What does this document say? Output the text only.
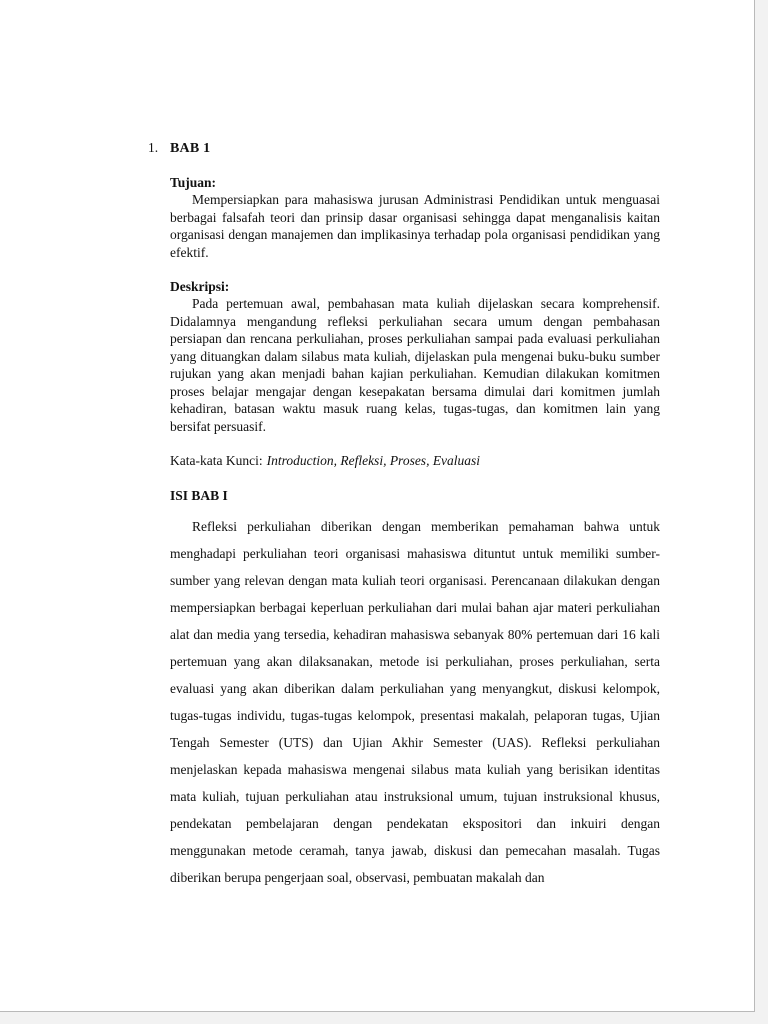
1. BAB 1
Tujuan:

Mempersiapkan para mahasiswa jurusan Administrasi Pendidikan untuk menguasai berbagai falsafah teori dan prinsip dasar organisasi sehingga dapat menganalisis kaitan organisasi dengan manajemen dan implikasinya terhadap pola organisasi pendidikan yang efektif.

Deskripsi:

Pada pertemuan awal, pembahasan mata kuliah dijelaskan secara komprehensif. Didalamnya mengandung refleksi perkuliahan secara umum dengan pembahasan persiapan dan rencana perkuliahan, proses perkuliahan sampai pada evaluasi perkuliahan yang dituangkan dalam silabus mata kuliah, dijelaskan pula mengenai buku-buku sumber rujukan yang akan menjadi bahan kajian perkuliahan. Kemudian dilakukan komitmen proses belajar mengajar dengan kesepakatan bersama dimulai dari komitmen jumlah kehadiran, batasan waktu masuk ruang kelas, tugas-tugas, dan komitmen lain yang bersifat persuasif.

Kata-kata Kunci: Introduction, Refleksi, Proses, Evaluasi
ISI BAB I

Refleksi perkuliahan diberikan dengan memberikan pemahaman bahwa untuk menghadapi perkuliahan teori organisasi mahasiswa dituntut untuk memiliki sumber-sumber yang relevan dengan mata kuliah teori organisasi. Perencanaan dilakukan dengan mempersiapkan berbagai keperluan perkuliahan dari mulai bahan ajar materi perkuliahan alat dan media yang tersedia, kehadiran mahasiswa sebanyak 80% pertemuan dari 16 kali pertemuan yang akan dilaksanakan, metode isi perkuliahan, proses perkuliahan, serta evaluasi yang akan diberikan dalam perkuliahan yang menyangkut, diskusi kelompok, tugas-tugas individu, tugas-tugas kelompok, presentasi makalah, pelaporan tugas, Ujian Tengah Semester (UTS) dan Ujian Akhir Semester (UAS). Refleksi perkuliahan menjelaskan kepada mahasiswa mengenai silabus mata kuliah yang berisikan identitas mata kuliah, tujuan perkuliahan atau instruksional umum, tujuan instruksional khusus, pendekatan pembelajaran dengan pendekatan ekspositori dan inkuiri dengan menggunakan metode ceramah, tanya jawab, diskusi dan pemecahan masalah. Tugas diberikan berupa pengerjaan soal, observasi, pembuatan makalah dan
